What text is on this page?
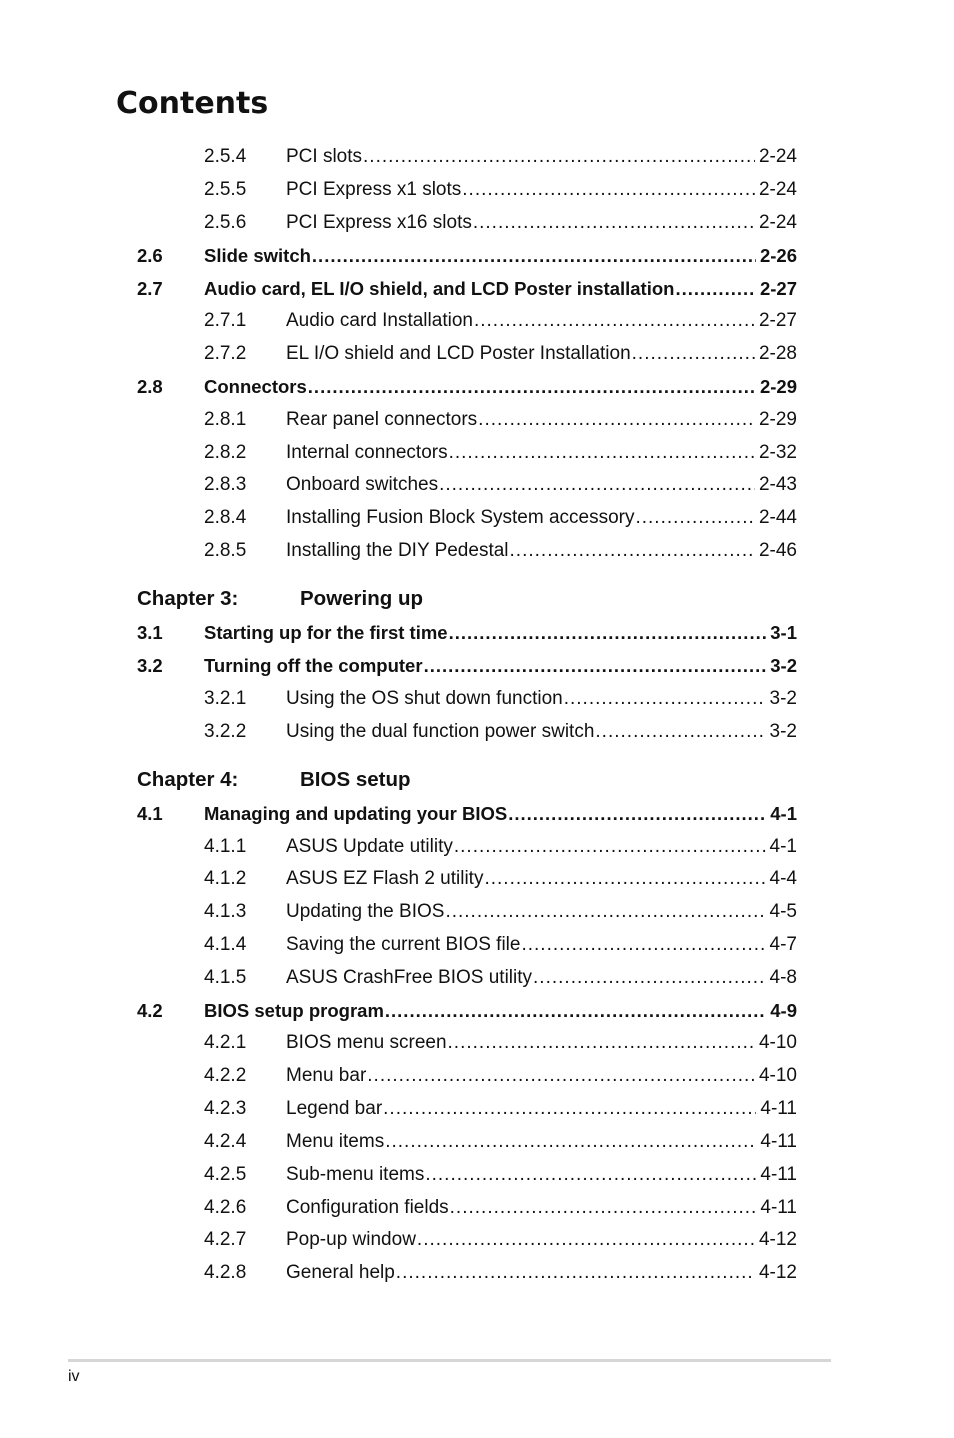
Contents
2.5.4	PCI slots .....	2-24
2.5.5	PCI Express x1 slots .....	2-24
2.5.6	PCI Express x16 slots .....	2-24
2.6	Slide switch .....	2-26
2.7	Audio card, EL I/O shield, and LCD Poster installation .....	2-27
2.7.1	Audio card Installation .....	2-27
2.7.2	EL I/O shield and LCD Poster Installation .....	2-28
2.8	Connectors .....	2-29
2.8.1	Rear panel connectors .....	2-29
2.8.2	Internal connectors .....	2-32
2.8.3	Onboard switches .....	2-43
2.8.4	Installing Fusion Block System accessory .....	2-44
2.8.5	Installing the DIY Pedestal .....	2-46
3.1	Starting up for the first time .....	3-1
3.2	Turning off the computer .....	3-2
3.2.1	Using the OS shut down function .....	3-2
3.2.2	Using the dual function power switch .....	3-2
4.1	Managing and updating your BIOS .....	4-1
4.1.1	ASUS Update utility .....	4-1
4.1.2	ASUS EZ Flash 2 utility .....	4-4
4.1.3	Updating the BIOS .....	4-5
4.1.4	Saving the current BIOS file .....	4-7
4.1.5	ASUS CrashFree BIOS utility .....	4-8
4.2	BIOS setup program .....	4-9
4.2.1	BIOS menu screen .....	4-10
4.2.2	Menu bar .....	4-10
4.2.3	Legend bar .....	4-11
4.2.4	Menu items .....	4-11
4.2.5	Sub-menu items .....	4-11
4.2.6	Configuration fields .....	4-11
4.2.7	Pop-up window .....	4-12
4.2.8	General help .....	4-12
Chapter 3:	Powering up
Chapter 4:	BIOS setup
iv
